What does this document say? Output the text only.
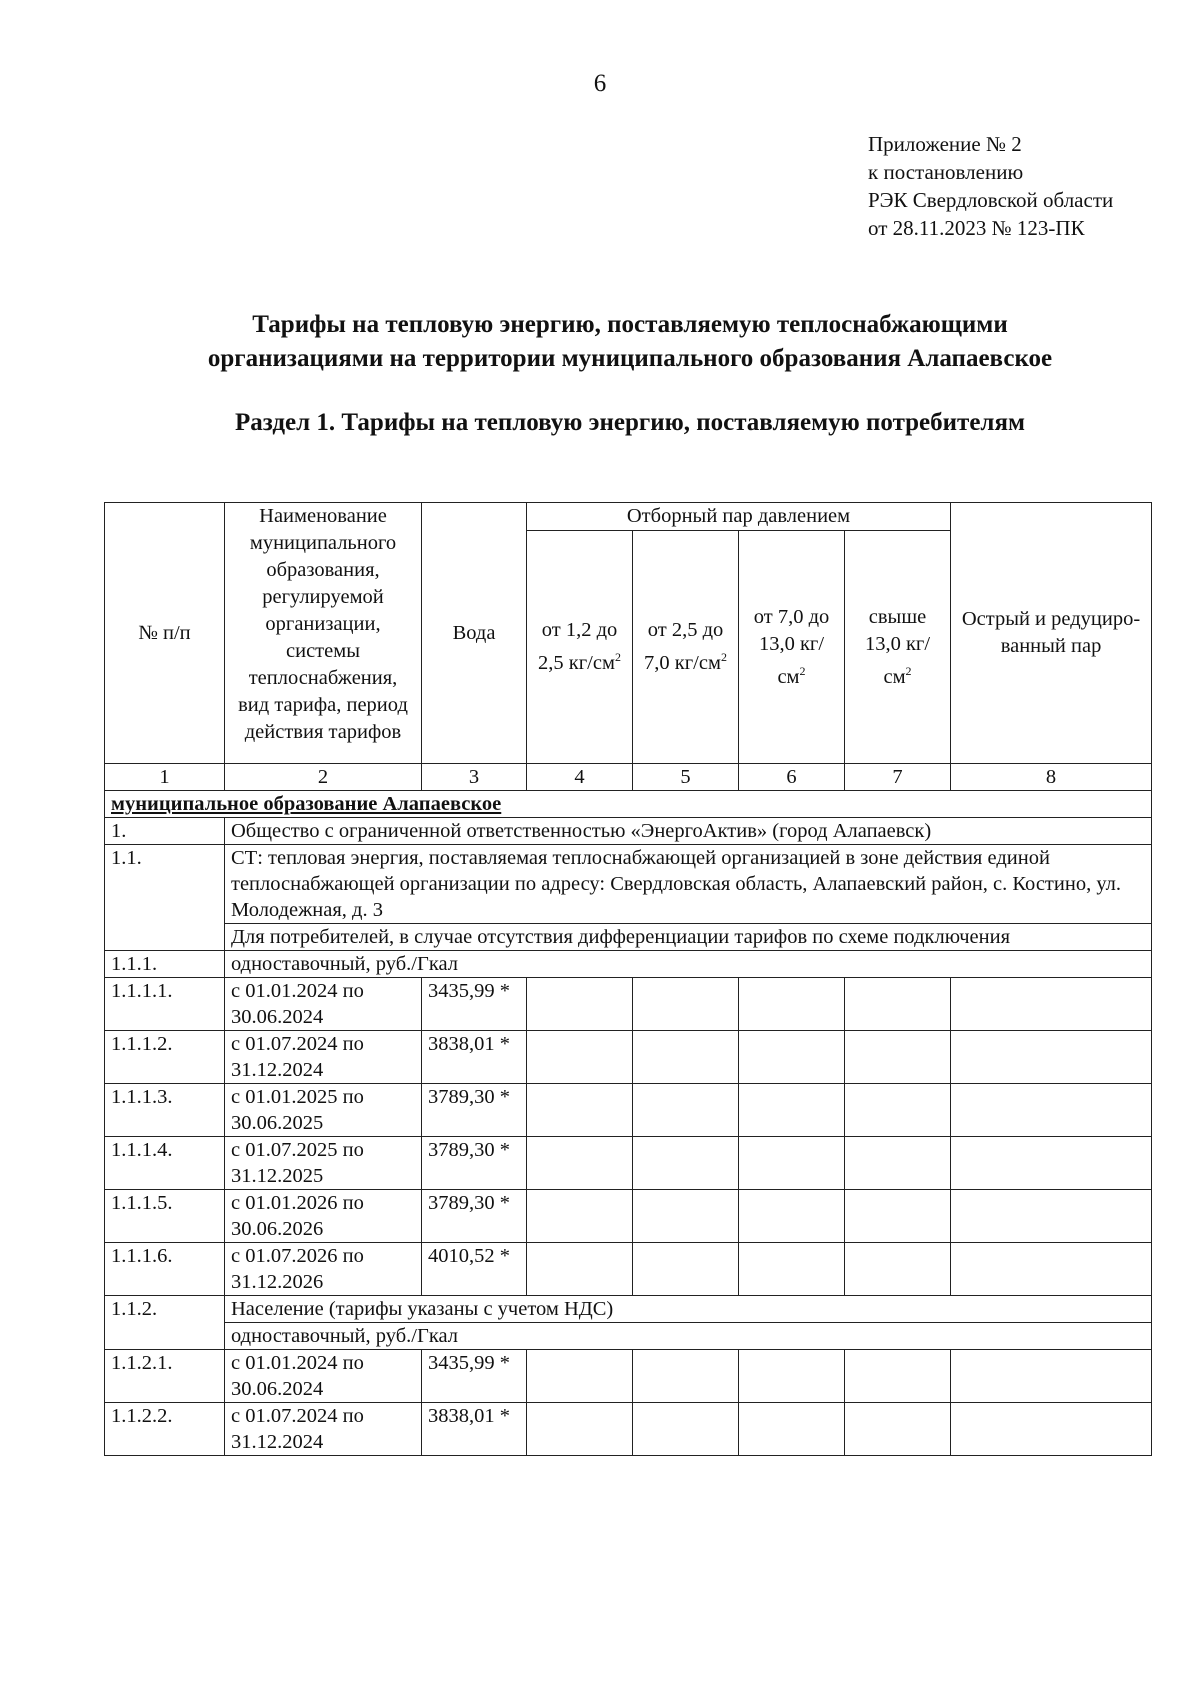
6
Приложение № 2
к постановлению
РЭК Свердловской области
от 28.11.2023 № 123-ПК
Тарифы на тепловую энергию, поставляемую теплоснабжающими
организациями на территории муниципального образования Алапаевское
Раздел 1. Тарифы на тепловую энергию, поставляемую потребителям
№ п/п	Наименование муниципального образования, регулируемой организации, системы теплоснабжения, вид тарифа, период действия тарифов	Вода	Отборный пар давлением				Острый и редуциро-ванный пар
			от 1,2 до 2,5 $кг/см^2$	от 2,5 до 7,0 $кг/см^2$	от 7,0 до 13,0 $кг/см^2$	свыше 13,0 $кг/см^2$
1	2	3	4	5	6	7	8
муниципальное образование Алапаевское							
1.	Общество с ограниченной ответственностью «ЭнергоАктив» (город Алапаевск)						
1.1.	СТ: тепловая энергия, поставляемая теплоснабжающей организацией в зоне действия единой теплоснабжающей организации по адресу: Свердловская область, Алапаевский район, с. Костино, ул. Молодежная, д. 3						
	Для потребителей, в случае отсутствия дифференциации тарифов по схеме подключения						
1.1.1.	одноставочный, руб./Гкал						
1.1.1.1.	с 01.01.2024 по 30.06.2024	3435,99 *					
1.1.1.2.	с 01.07.2024 по 31.12.2024	3838,01 *					
1.1.1.3.	с 01.01.2025 по 30.06.2025	3789,30 *					
1.1.1.4.	с 01.07.2025 по 31.12.2025	3789,30 *					
1.1.1.5.	с 01.01.2026 по 30.06.2026	3789,30 *					
1.1.1.6.	с 01.07.2026 по 31.12.2026	4010,52 *					
1.1.2.	Население (тарифы указаны с учетом НДС)						
	одноставочный, руб./Гкал						
1.1.2.1.	с 01.01.2024 по 30.06.2024	3435,99 *					
1.1.2.2.	с 01.07.2024 по 31.12.2024	3838,01 *					
